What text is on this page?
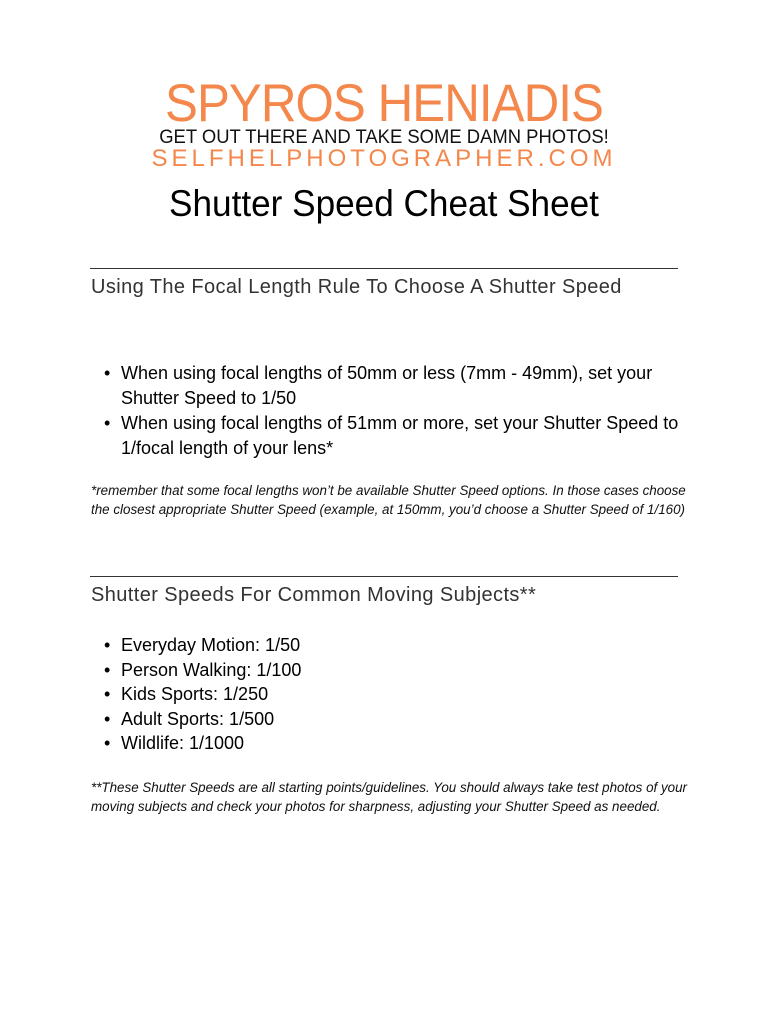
SPYROS HENIADIS
GET OUT THERE AND TAKE SOME DAMN PHOTOS!
SELFHELPHOTOGRAPHER.COM
Shutter Speed Cheat Sheet
Using The Focal Length Rule To Choose A Shutter Speed
• When using focal lengths of 50mm or less (7mm - 49mm), set your Shutter Speed to 1/50
• When using focal lengths of 51mm or more, set your Shutter Speed to 1/focal length of your lens*

*remember that some focal lengths won’t be available Shutter Speed options. In those cases choose the closest appropriate Shutter Speed (example, at 150mm, you’d choose a Shutter Speed of 1/160)

Shutter Speeds For Common Moving Subjects**
• Everyday Motion: 1/50
• Person Walking: 1/100
• Kids Sports: 1/250
• Adult Sports: 1/500
• Wildlife: 1/1000

**These Shutter Speeds are all starting points/guidelines. You should always take test photos of your moving subjects and check your photos for sharpness, adjusting your Shutter Speed as needed.
